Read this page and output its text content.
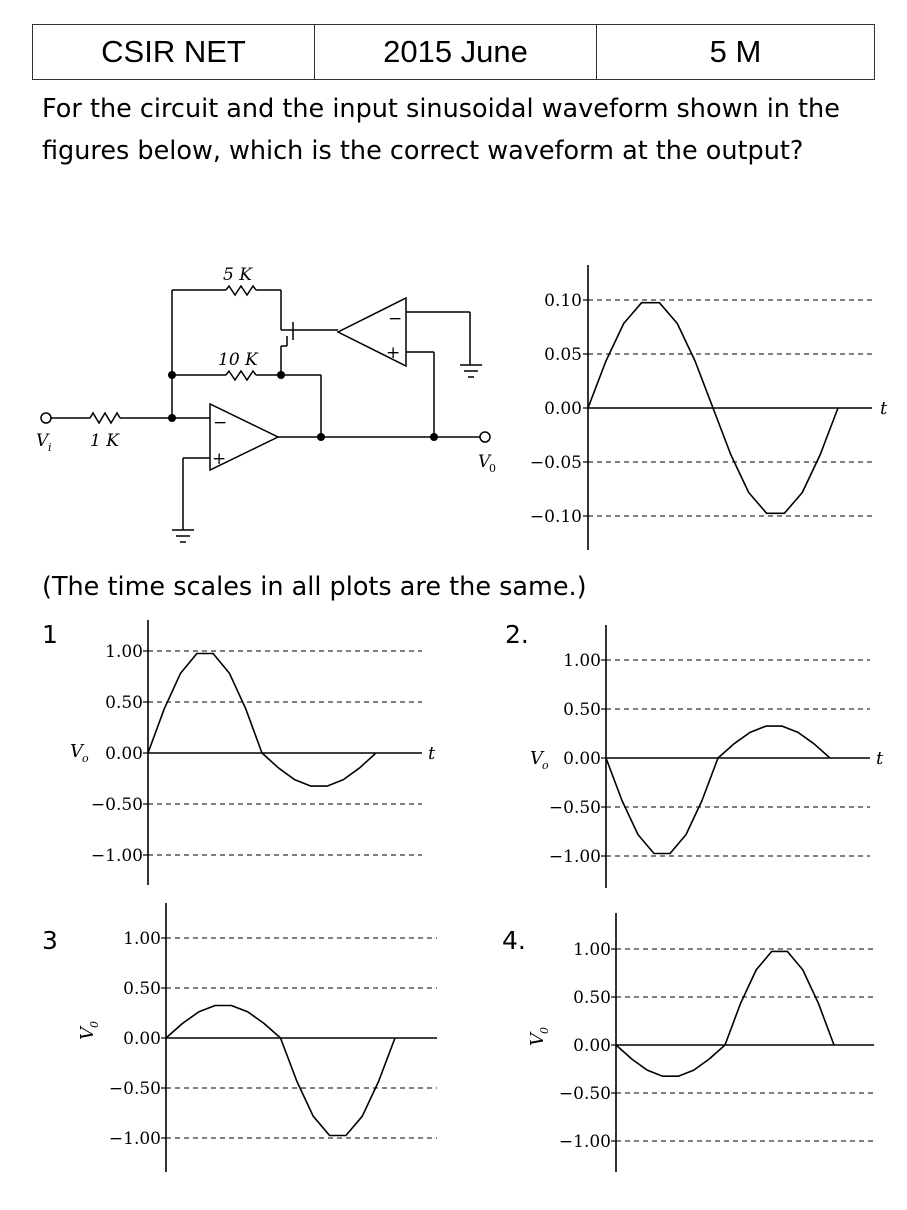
CSIR NET	2015 June	5 M

For the circuit and the input sinusoidal waveform shown in the figures below, which is the correct waveform at the output?

5 K
10 K
1 K
V i
V
0
−
+
−
+

(The time scales in all plots are the same.)

1	2.
3	4.
0.10
0.05
0.00
−0.05
−0.10
t
1.00
0.50
0.00
−0.50
−1.00
t
V o
1.00
0.50
0.00
−0.50
−1.00
t
V o
1.00
0.50
0.00
−0.50
−1.00
V
0
1.00
0.50
0.00
−0.50
−1.00
V
0
